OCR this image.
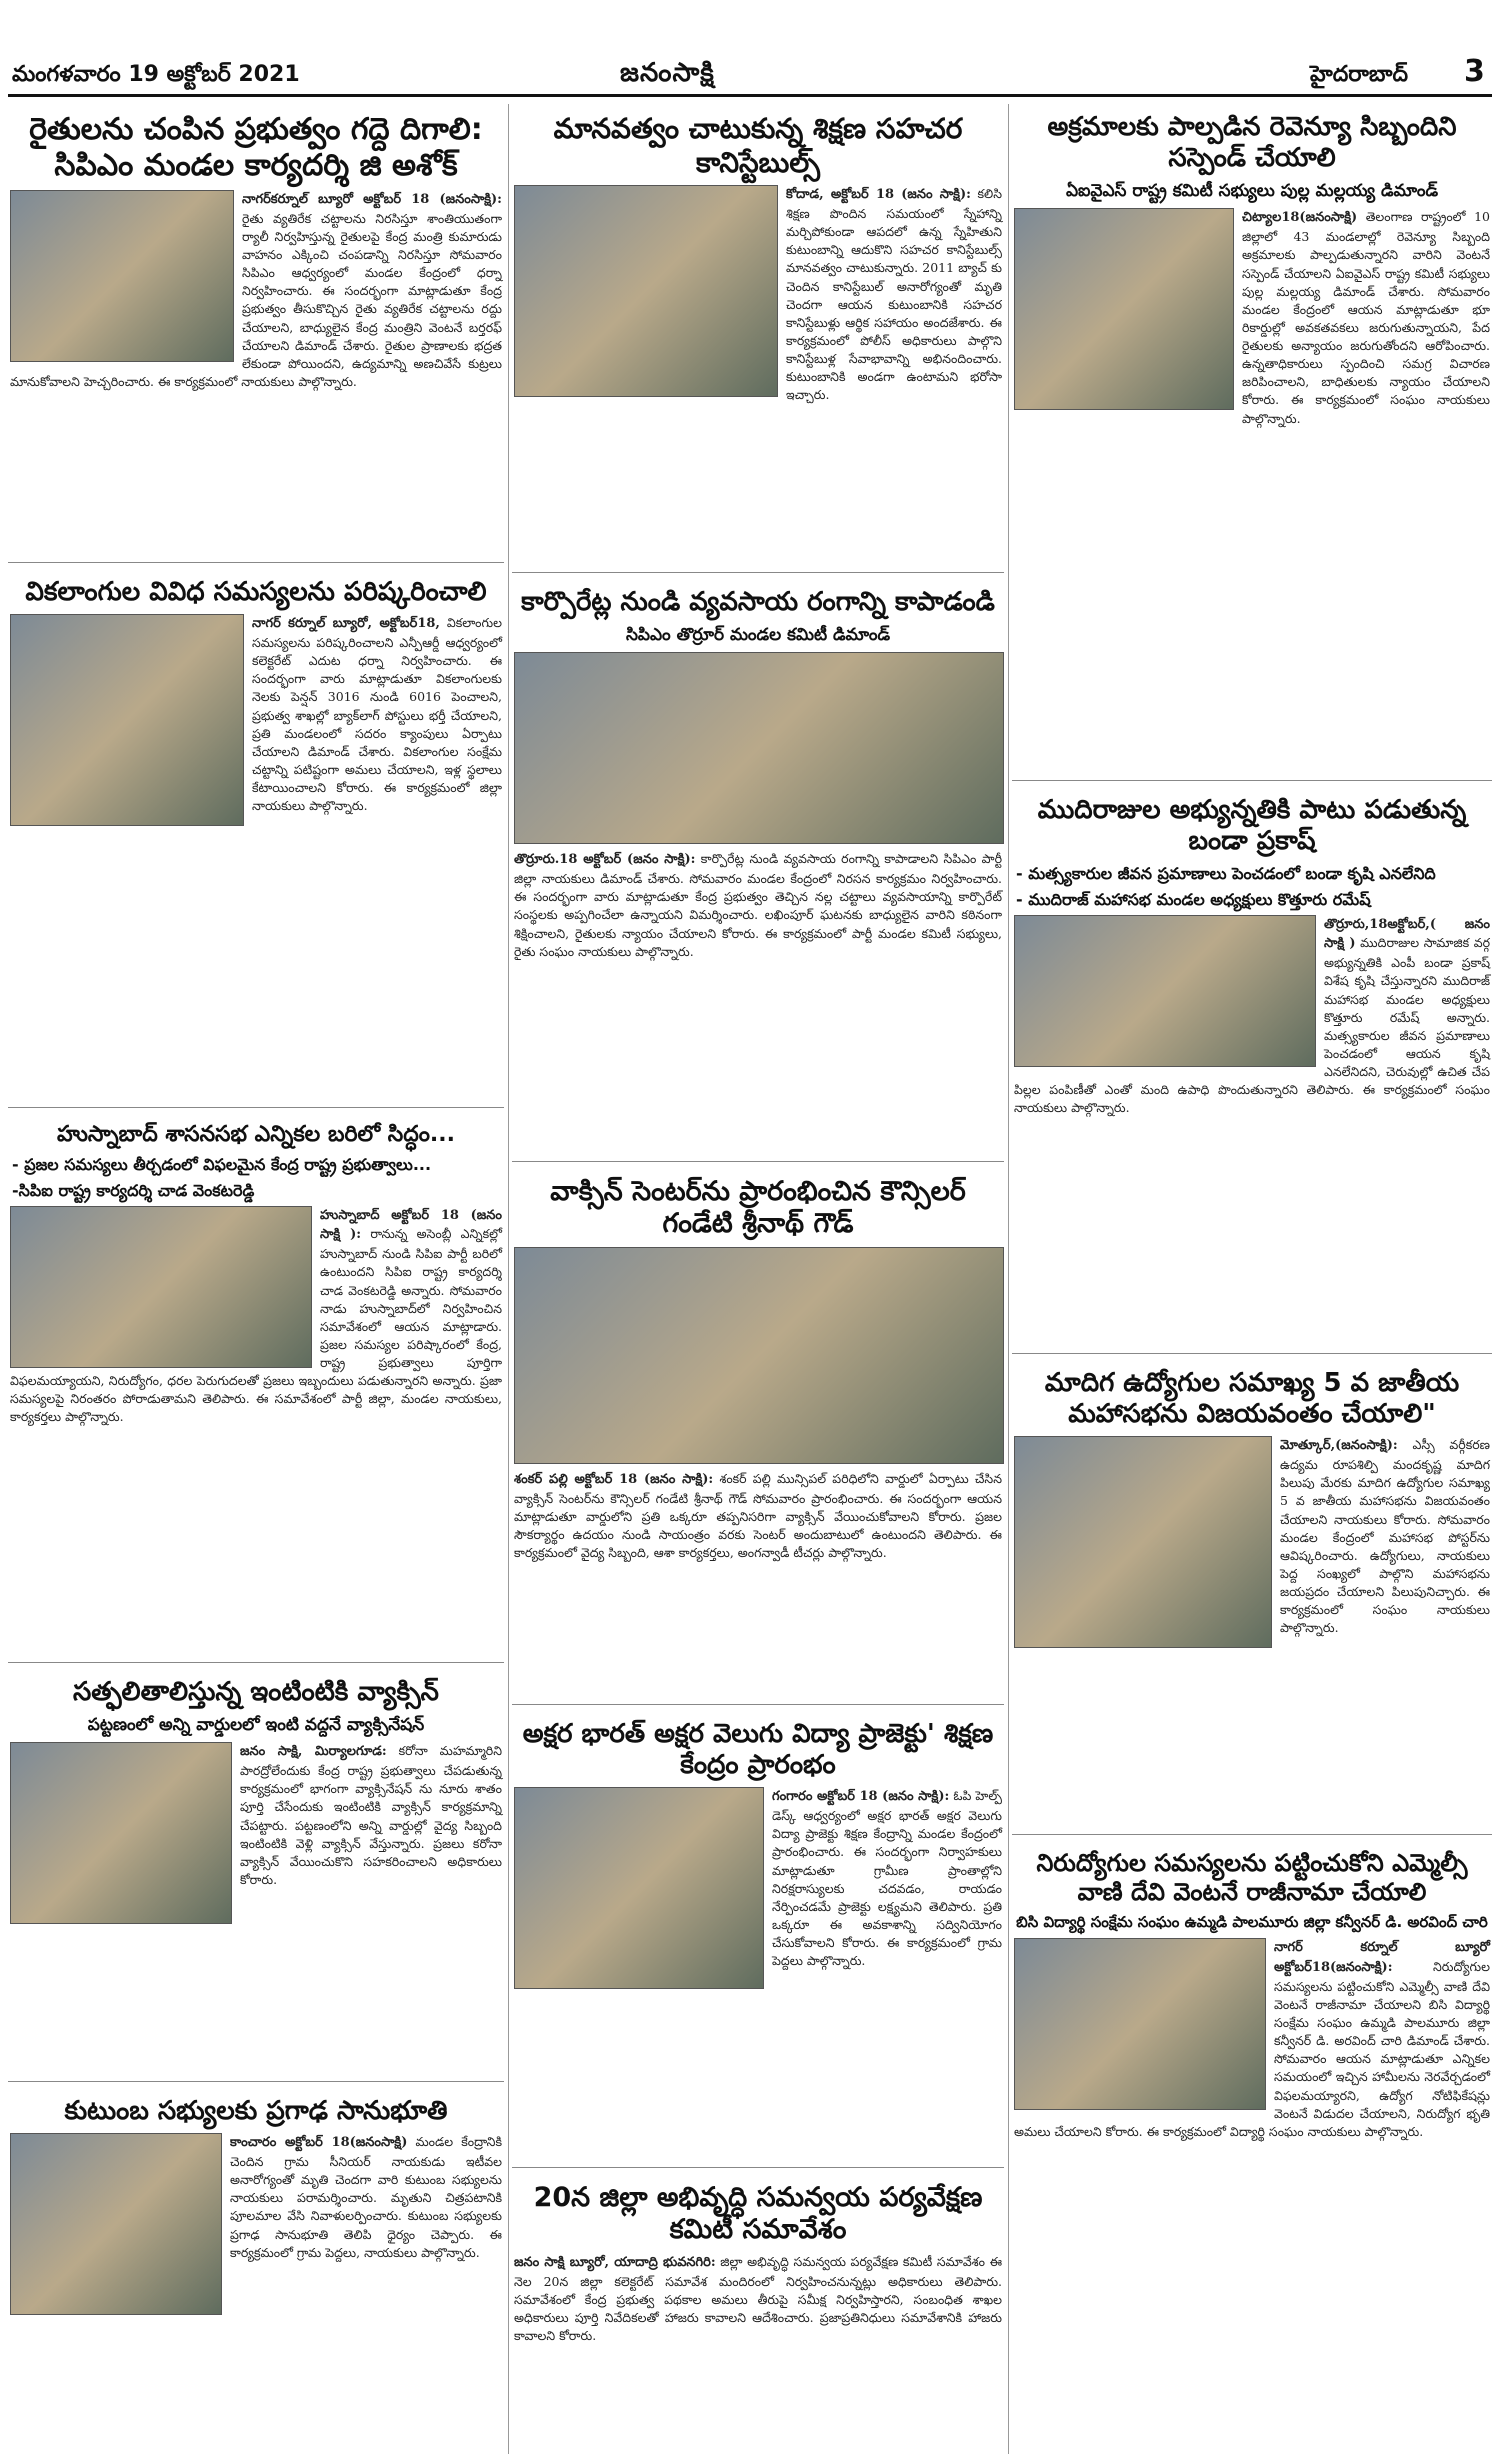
మంగళవారం 19 అక్టోబర్ 2021	జనంసాక్షి	హైదరాబాద్ 3
రైతులను చంపిన ప్రభుత్వం గద్దె దిగాలి: సిపిఎం మండల కార్యదర్శి జి అశోక్
నాగర్‌కర్నూల్ బ్యూరో అక్టోబర్ 18 (జనంసాక్షి): రైతు వ్యతిరేక చట్టాలను నిరసిస్తూ శాంతియుతంగా ర్యాలీ నిర్వహిస్తున్న రైతులపై కేంద్ర మంత్రి కుమారుడు వాహనం ఎక్కించి చంపడాన్ని నిరసిస్తూ సోమవారం సిపిఎం ఆధ్వర్యంలో మండల కేంద్రంలో ధర్నా నిర్వహించారు. ఈ సందర్భంగా మాట్లాడుతూ కేంద్ర ప్రభుత్వం తీసుకొచ్చిన రైతు వ్యతిరేక చట్టాలను రద్దు చేయాలని, బాధ్యులైన కేంద్ర మంత్రిని వెంటనే బర్తరఫ్ చేయాలని డిమాండ్ చేశారు. రైతుల ప్రాణాలకు భద్రత లేకుండా పోయిందని, ఉద్యమాన్ని అణచివేసే కుట్రలు మానుకోవాలని హెచ్చరించారు. ఈ కార్యక్రమంలో నాయకులు పాల్గొన్నారు.
వికలాంగుల వివిధ సమస్యలను పరిష్కరించాలి
నాగర్ కర్నూల్ బ్యూరో, అక్టోబర్18, వికలాంగుల సమస్యలను పరిష్కరించాలని ఎన్పీఆర్డీ ఆధ్వర్యంలో కలెక్టరేట్ ఎదుట ధర్నా నిర్వహించారు. ఈ సందర్భంగా వారు మాట్లాడుతూ వికలాంగులకు నెలకు పెన్షన్ 3016 నుండి 6016 పెంచాలని, ప్రభుత్వ శాఖల్లో బ్యాక్‌లాగ్ పోస్టులు భర్తీ చేయాలని, ప్రతి మండలంలో సదరం క్యాంపులు ఏర్పాటు చేయాలని డిమాండ్ చేశారు. వికలాంగుల సంక్షేమ చట్టాన్ని పటిష్టంగా అమలు చేయాలని, ఇళ్ల స్థలాలు కేటాయించాలని కోరారు. ఈ కార్యక్రమంలో జిల్లా నాయకులు పాల్గొన్నారు.
హుస్నాబాద్ శాసనసభ ఎన్నికల బరిలో సిద్ధం...
- ప్రజల సమస్యలు తీర్చడంలో విఫలమైన కేంద్ర రాష్ట్ర ప్రభుత్వాలు...
-సిపిఐ రాష్ట్ర కార్యదర్శి చాడ వెంకటరెడ్డి
హుస్నాబాద్ అక్టోబర్ 18 (జనం సాక్షి ): రానున్న అసెంబ్లీ ఎన్నికల్లో హుస్నాబాద్ నుండి సిపిఐ పార్టీ బరిలో ఉంటుందని సిపిఐ రాష్ట్ర కార్యదర్శి చాడ వెంకటరెడ్డి అన్నారు. సోమవారం నాడు హుస్నాబాద్‌లో నిర్వహించిన సమావేశంలో ఆయన మాట్లాడారు. ప్రజల సమస్యల పరిష్కారంలో కేంద్ర, రాష్ట్ర ప్రభుత్వాలు పూర్తిగా విఫలమయ్యాయని, నిరుద్యోగం, ధరల పెరుగుదలతో ప్రజలు ఇబ్బందులు పడుతున్నారని అన్నారు. ప్రజా సమస్యలపై నిరంతరం పోరాడుతామని తెలిపారు. ఈ సమావేశంలో పార్టీ జిల్లా, మండల నాయకులు, కార్యకర్తలు పాల్గొన్నారు.
సత్ఫలితాలిస్తున్న ఇంటింటికి వ్యాక్సిన్
పట్టణంలో అన్ని వార్డులలో ఇంటి వద్దనే వ్యాక్సినేషన్
జనం సాక్షి, మిర్యాలగూడ: కరోనా మహమ్మారిని పారద్రోలేందుకు కేంద్ర రాష్ట్ర ప్రభుత్వాలు చేపడుతున్న కార్యక్రమంలో భాగంగా వ్యాక్సినేషన్ ను నూరు శాతం పూర్తి చేసేందుకు ఇంటింటికి వ్యాక్సిన్ కార్యక్రమాన్ని చేపట్టారు. పట్టణంలోని అన్ని వార్డుల్లో వైద్య సిబ్బంది ఇంటింటికి వెళ్లి వ్యాక్సిన్ వేస్తున్నారు. ప్రజలు కరోనా వ్యాక్సిన్ వేయించుకొని సహకరించాలని అధికారులు కోరారు.
కుటుంబ సభ్యులకు ప్రగాఢ సానుభూతి
కాంచారం అక్టోబర్ 18(జనంసాక్షి) మండల కేంద్రానికి చెందిన గ్రామ సీనియర్ నాయకుడు ఇటీవల అనారోగ్యంతో మృతి చెందగా వారి కుటుంబ సభ్యులను నాయకులు పరామర్శించారు. మృతుని చిత్రపటానికి పూలమాల వేసి నివాళులర్పించారు. కుటుంబ సభ్యులకు ప్రగాఢ సానుభూతి తెలిపి ధైర్యం చెప్పారు. ఈ కార్యక్రమంలో గ్రామ పెద్దలు, నాయకులు పాల్గొన్నారు.
మానవత్వం చాటుకున్న శిక్షణ సహచర కానిస్టేబుల్స్
కోదాడ, అక్టోబర్ 18 (జనం సాక్షి): కలిసి శిక్షణ పొందిన సమయంలో స్నేహాన్ని మర్చిపోకుండా ఆపదలో ఉన్న స్నేహితుని కుటుంబాన్ని ఆదుకొని సహచర కానిస్టేబుల్స్ మానవత్వం చాటుకున్నారు. 2011 బ్యాచ్ కు చెందిన కానిస్టేబుల్ అనారోగ్యంతో మృతి చెందగా ఆయన కుటుంబానికి సహచర కానిస్టేబుళ్లు ఆర్థిక సహాయం అందజేశారు. ఈ కార్యక్రమంలో పోలీస్ అధికారులు పాల్గొని కానిస్టేబుళ్ల సేవాభావాన్ని అభినందించారు. కుటుంబానికి అండగా ఉంటామని భరోసా ఇచ్చారు.
కార్పొరేట్ల నుండి వ్యవసాయ రంగాన్ని కాపాడండి
సిపిఎం తొర్రూర్ మండల కమిటీ డిమాండ్
తొర్రూరు.18 అక్టోబర్ (జనం సాక్షి): కార్పొరేట్ల నుండి వ్యవసాయ రంగాన్ని కాపాడాలని సిపిఎం పార్టీ జిల్లా నాయకులు డిమాండ్ చేశారు. సోమవారం మండల కేంద్రంలో నిరసన కార్యక్రమం నిర్వహించారు. ఈ సందర్భంగా వారు మాట్లాడుతూ కేంద్ర ప్రభుత్వం తెచ్చిన నల్ల చట్టాలు వ్యవసాయాన్ని కార్పొరేట్ సంస్థలకు అప్పగించేలా ఉన్నాయని విమర్శించారు. లఖింపూర్ ఘటనకు బాధ్యులైన వారిని కఠినంగా శిక్షించాలని, రైతులకు న్యాయం చేయాలని కోరారు. ఈ కార్యక్రమంలో పార్టీ మండల కమిటీ సభ్యులు, రైతు సంఘం నాయకులు పాల్గొన్నారు.
వాక్సిన్ సెంటర్‌ను ప్రారంభించిన కౌన్సిలర్ గండేటి శ్రీనాథ్ గౌడ్
శంకర్ పల్లి అక్టోబర్ 18 (జనం సాక్షి): శంకర్ పల్లి మున్సిపల్ పరిధిలోని వార్డులో ఏర్పాటు చేసిన వ్యాక్సిన్ సెంటర్‌ను కౌన్సిలర్ గండేటి శ్రీనాథ్ గౌడ్ సోమవారం ప్రారంభించారు. ఈ సందర్భంగా ఆయన మాట్లాడుతూ వార్డులోని ప్రతి ఒక్కరూ తప్పనిసరిగా వ్యాక్సిన్ వేయించుకోవాలని కోరారు. ప్రజల సౌకర్యార్థం ఉదయం నుండి సాయంత్రం వరకు సెంటర్ అందుబాటులో ఉంటుందని తెలిపారు. ఈ కార్యక్రమంలో వైద్య సిబ్బంది, ఆశా కార్యకర్తలు, అంగన్వాడీ టీచర్లు పాల్గొన్నారు.
అక్షర భారత్ అక్షర వెలుగు విద్యా ప్రాజెక్టు' శిక్షణ కేంద్రం ప్రారంభం
గంగారం అక్టోబర్ 18 (జనం సాక్షి): ఓపి హెల్ప్ డెస్క్ ఆధ్వర్యంలో అక్షర భారత్ అక్షర వెలుగు విద్యా ప్రాజెక్టు శిక్షణ కేంద్రాన్ని మండల కేంద్రంలో ప్రారంభించారు. ఈ సందర్భంగా నిర్వాహకులు మాట్లాడుతూ గ్రామీణ ప్రాంతాల్లోని నిరక్షరాస్యులకు చదవడం, రాయడం నేర్పించడమే ప్రాజెక్టు లక్ష్యమని తెలిపారు. ప్రతి ఒక్కరూ ఈ అవకాశాన్ని సద్వినియోగం చేసుకోవాలని కోరారు. ఈ కార్యక్రమంలో గ్రామ పెద్దలు పాల్గొన్నారు.
20న జిల్లా అభివృద్ధి సమన్వయ పర్యవేక్షణ కమిటీ సమావేశం
జనం సాక్షి బ్యూరో, యాదాద్రి భువనగిరి: జిల్లా అభివృద్ధి సమన్వయ పర్యవేక్షణ కమిటీ సమావేశం ఈ నెల 20న జిల్లా కలెక్టరేట్ సమావేశ మందిరంలో నిర్వహించనున్నట్లు అధికారులు తెలిపారు. సమావేశంలో కేంద్ర ప్రభుత్వ పథకాల అమలు తీరుపై సమీక్ష నిర్వహిస్తారని, సంబంధిత శాఖల అధికారులు పూర్తి నివేదికలతో హాజరు కావాలని ఆదేశించారు. ప్రజాప్రతినిధులు సమావేశానికి హాజరు కావాలని కోరారు.
అక్రమాలకు పాల్పడిన రెవెన్యూ సిబ్బందిని సస్పెండ్ చేయాలి
ఏఐవైఎస్ రాష్ట్ర కమిటీ సభ్యులు పుల్ల మల్లయ్య డిమాండ్
చిట్యాల18(జనంసాక్షి) తెలంగాణ రాష్ట్రంలో 10 జిల్లాలో 43 మండలాల్లో రెవెన్యూ సిబ్బంది అక్రమాలకు పాల్పడుతున్నారని వారిని వెంటనే సస్పెండ్ చేయాలని ఏఐవైఎస్ రాష్ట్ర కమిటీ సభ్యులు పుల్ల మల్లయ్య డిమాండ్ చేశారు. సోమవారం మండల కేంద్రంలో ఆయన మాట్లాడుతూ భూ రికార్డుల్లో అవకతవకలు జరుగుతున్నాయని, పేద రైతులకు అన్యాయం జరుగుతోందని ఆరోపించారు. ఉన్నతాధికారులు స్పందించి సమగ్ర విచారణ జరిపించాలని, బాధితులకు న్యాయం చేయాలని కోరారు. ఈ కార్యక్రమంలో సంఘం నాయకులు పాల్గొన్నారు.
ముదిరాజుల అభ్యున్నతికి పాటు పడుతున్న బండా ప్రకాష్
- మత్స్యకారుల జీవన ప్రమాణాలు పెంచడంలో బండా కృషి ఎనలేనిది
- ముదిరాజ్ మహాసభ మండల అధ్యక్షులు కొత్తూరు రమేష్
తొర్రూరు,18అక్టోబర్,( జనం సాక్షి ) ముదిరాజుల సామాజిక వర్గ అభ్యున్నతికి ఎంపీ బండా ప్రకాష్ విశేష కృషి చేస్తున్నారని ముదిరాజ్ మహాసభ మండల అధ్యక్షులు కొత్తూరు రమేష్ అన్నారు. మత్స్యకారుల జీవన ప్రమాణాలు పెంచడంలో ఆయన కృషి ఎనలేనిదని, చెరువుల్లో ఉచిత చేప పిల్లల పంపిణీతో ఎంతో మంది ఉపాధి పొందుతున్నారని తెలిపారు. ఈ కార్యక్రమంలో సంఘం నాయకులు పాల్గొన్నారు.
మాదిగ ఉద్యోగుల సమాఖ్య 5 వ జాతీయ మహాసభను విజయవంతం చేయాలి"
మోత్కూర్,(జనంసాక్షి): ఎస్సీ వర్గీకరణ ఉద్యమ రూపశిల్పి మందకృష్ణ మాదిగ పిలుపు మేరకు మాదిగ ఉద్యోగుల సమాఖ్య 5 వ జాతీయ మహాసభను విజయవంతం చేయాలని నాయకులు కోరారు. సోమవారం మండల కేంద్రంలో మహాసభ పోస్టర్‌ను ఆవిష్కరించారు. ఉద్యోగులు, నాయకులు పెద్ద సంఖ్యలో పాల్గొని మహాసభను జయప్రదం చేయాలని పిలుపునిచ్చారు. ఈ కార్యక్రమంలో సంఘం నాయకులు పాల్గొన్నారు.
నిరుద్యోగుల సమస్యలను పట్టించుకోని ఎమ్మెల్సీ వాణి దేవి వెంటనే రాజీనామా చేయాలి
బిసి విద్యార్థి సంక్షేమ సంఘం ఉమ్మడి పాలమూరు జిల్లా కన్వీనర్ డి. అరవింద్ చారి
నాగర్ కర్నూల్ బ్యూరో అక్టోబర్18(జనంసాక్షి):	నిరుద్యోగుల సమస్యలను పట్టించుకోని ఎమ్మెల్సీ వాణి దేవి వెంటనే రాజీనామా చేయాలని బిసి విద్యార్థి సంక్షేమ సంఘం ఉమ్మడి పాలమూరు జిల్లా కన్వీనర్ డి. అరవింద్ చారి డిమాండ్ చేశారు. సోమవారం ఆయన మాట్లాడుతూ ఎన్నికల సమయంలో ఇచ్చిన హామీలను నెరవేర్చడంలో విఫలమయ్యారని, ఉద్యోగ నోటిఫికేషన్లు వెంటనే విడుదల చేయాలని, నిరుద్యోగ భృతి అమలు చేయాలని కోరారు. ఈ కార్యక్రమంలో విద్యార్థి సంఘం నాయకులు పాల్గొన్నారు.
